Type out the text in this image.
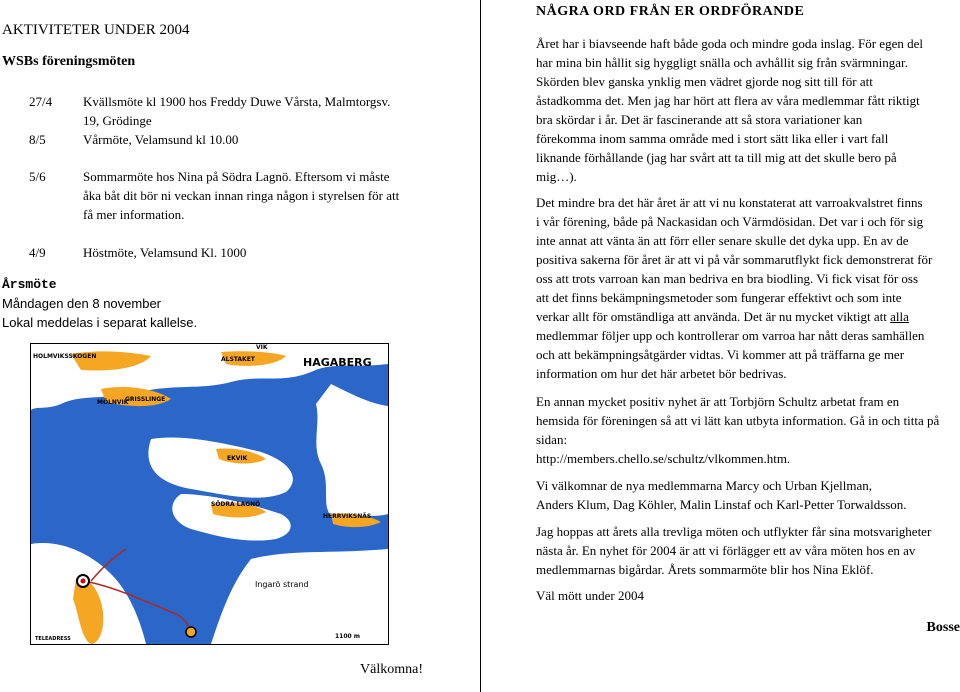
AKTIVITETER UNDER 2004
WSBs föreningsmöten
27/4 Kvällsmöte kl 1900 hos Freddy Duwe Vårsta, Malmtorgsv.
19, Grödinge
8/5	Vårmöte, Velamsund kl 10.00
5/6	Sommarmöte hos Nina på Södra Lagnö. Eftersom vi måste
åka båt dit bör ni veckan innan ringa någon i styrelsen för att
få mer information.
4/9	Höstmöte, Velamsund Kl. 1000
Årsmöte
Måndagen den 8 november
Lokal meddelas i separat kallelse.
HOLMVIKSSKOGEN
VIK
ALSTAKET	HAGABERG
MÖLNVIK
GRISSLINGE
EKVIK
SÖDRA LAGNÖ
HERRVIKSNÄS
Ingarö strand
1100 m
TELEADRESS
Välkomna!
NÅGRA ORD FRÅN ER ORDFÖRANDE
Året har i biavseende haft både goda och mindre goda inslag. För egen del
har mina bin hållit sig hyggligt snälla och avhållit sig från svärmningar.
Skörden blev ganska ynklig men vädret gjorde nog sitt till för att
åstadkomma det. Men jag har hört att flera av våra medlemmar fått riktigt
bra skördar i år. Det är fascinerande att så stora variationer kan
förekomma inom samma område med i stort sätt lika eller i vart fall
liknande förhållande (jag har svårt att ta till mig att det skulle bero på
mig…).
Det mindre bra det här året är att vi nu konstaterat att varroakvalstret finns
i vår förening, både på Nackasidan och Värmdösidan. Det var i och för sig
inte annat att vänta än att förr eller senare skulle det dyka upp. En av de
positiva sakerna för året är att vi på vår sommarutflykt fick demonstrerat för
oss att trots varroan kan man bedriva en bra biodling. Vi fick visat för oss
att det finns bekämpningsmetoder som fungerar effektivt och som inte
verkar allt för omständliga att använda. Det är nu mycket viktigt att alla
medlemmar följer upp och kontrollerar om varroa har nått deras samhällen
och att bekämpningsåtgärder vidtas. Vi kommer att på träffarna ge mer
information om hur det här arbetet bör bedrivas.
En annan mycket positiv nyhet är att Torbjörn Schultz arbetat fram en
hemsida för föreningen så att vi lätt kan utbyta information. Gå in och titta på
sidan:
http://members.chello.se/schultz/vlkommen.htm.
Vi välkomnar de nya medlemmarna Marcy och Urban Kjellman,
Anders Klum, Dag Köhler, Malin Linstaf och Karl-Petter Torwaldsson.
Jag hoppas att årets alla trevliga möten och utflykter får sina motsvarigheter
nästa år. En nyhet för 2004 är att vi förlägger ett av våra möten hos en av
medlemmarnas bigårdar. Årets sommarmöte blir hos Nina Eklöf.
Väl mött under 2004
Bosse
